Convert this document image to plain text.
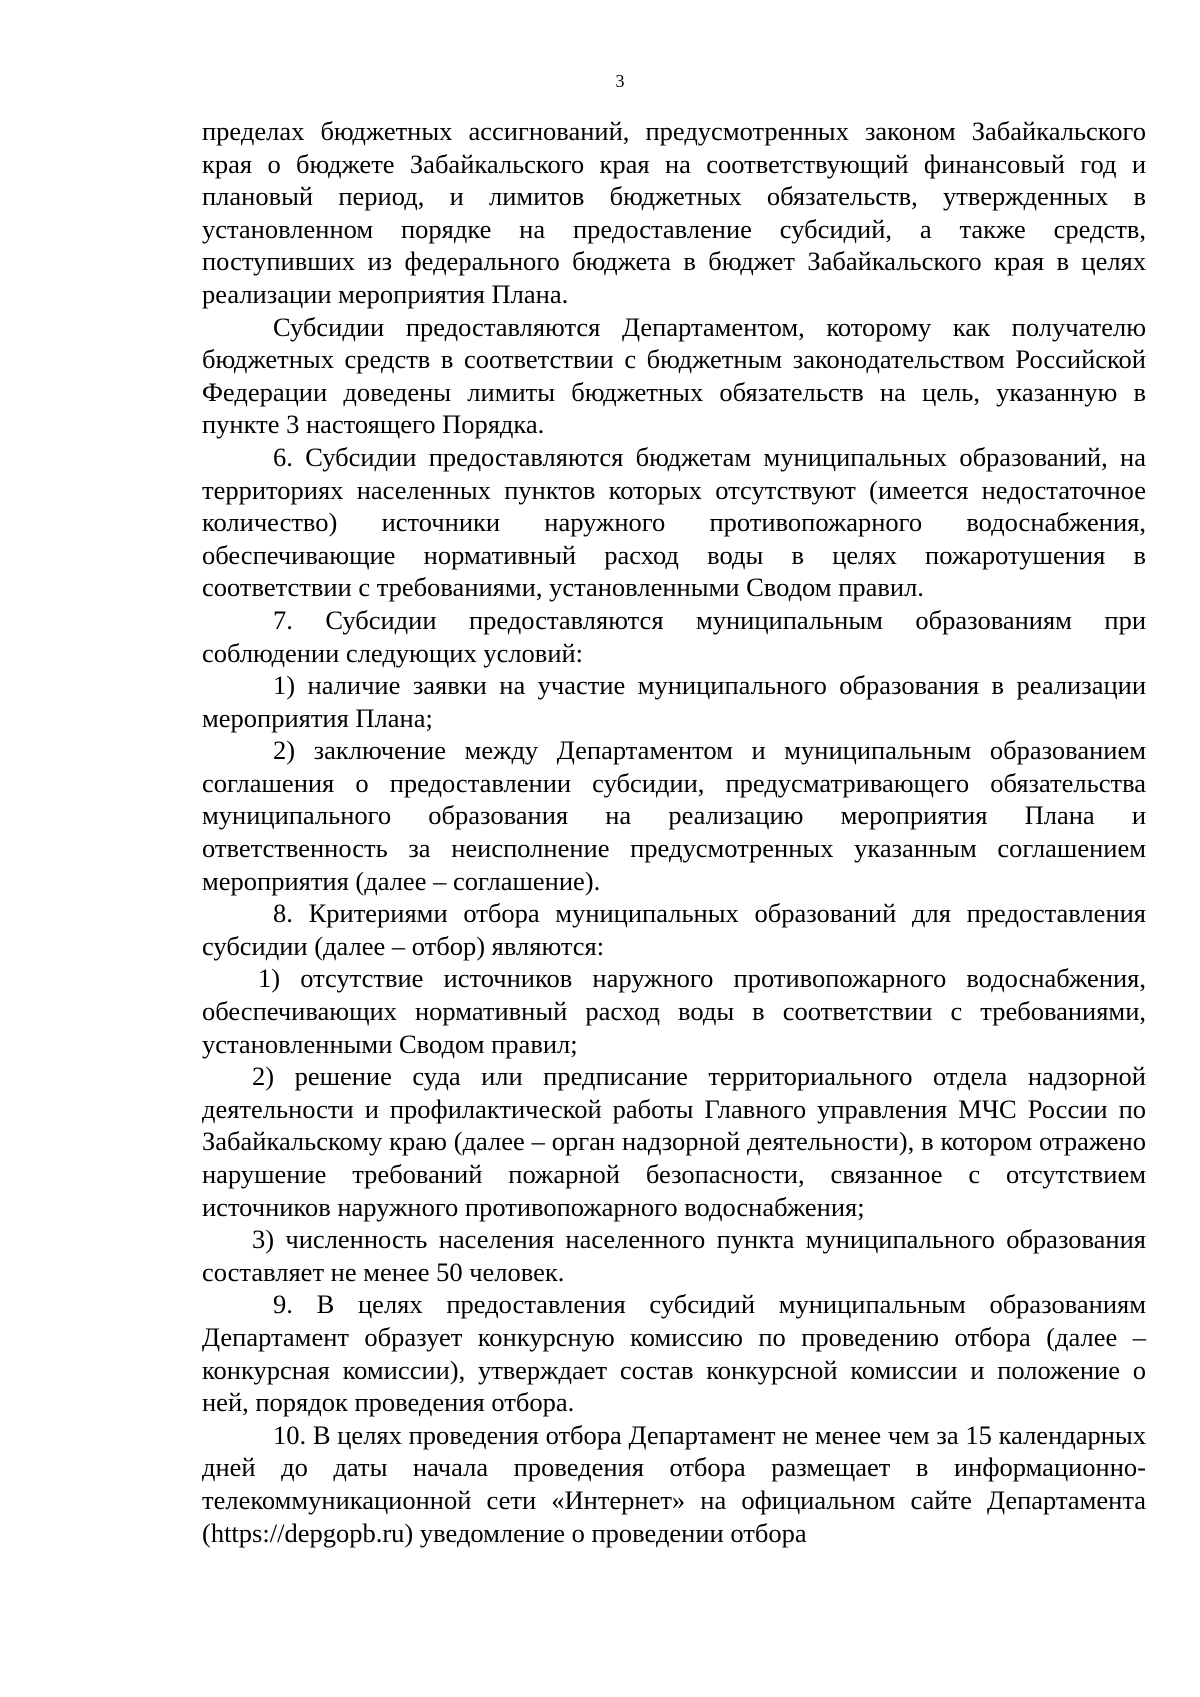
3

пределах бюджетных ассигнований, предусмотренных законом Забайкальского края о бюджете Забайкальского края на соответствующий финансовый год и плановый период, и лимитов бюджетных обязательств, утвержденных в установленном порядке на предоставление субсидий, а также средств, поступивших из федерального бюджета в бюджет Забайкальского края в целях реализации мероприятия Плана.

Субсидии предоставляются Департаментом, которому как получателю бюджетных средств в соответствии с бюджетным законодательством Российской Федерации доведены лимиты бюджетных обязательств на цель, указанную в пункте 3 настоящего Порядка.

6. Субсидии предоставляются бюджетам муниципальных образований, на территориях населенных пунктов которых отсутствуют (имеется недостаточное количество) источники наружного противопожарного водоснабжения, обеспечивающие нормативный расход воды в целях пожаротушения в соответствии с требованиями, установленными Сводом правил.

7. Субсидии предоставляются муниципальным образованиям при соблюдении следующих условий:

1) наличие заявки на участие муниципального образования в реализации мероприятия Плана;

2) заключение между Департаментом и муниципальным образованием соглашения о предоставлении субсидии, предусматривающего обязательства муниципального образования на реализацию мероприятия Плана и ответственность за неисполнение предусмотренных указанным соглашением мероприятия (далее – соглашение).

8. Критериями отбора муниципальных образований для предоставления субсидии (далее – отбор) являются:

1) отсутствие источников наружного противопожарного водоснабжения, обеспечивающих нормативный расход воды в соответствии с требованиями, установленными Сводом правил;

2) решение суда или предписание территориального отдела надзорной деятельности и профилактической работы Главного управления МЧС России по Забайкальскому краю (далее – орган надзорной деятельности), в котором отражено нарушение требований пожарной безопасности, связанное с отсутствием источников наружного противопожарного водоснабжения;

3) численность населения населенного пункта муниципального образования составляет не менее 50 человек.

9. В целях предоставления субсидий муниципальным образованиям Департамент образует конкурсную комиссию по проведению отбора (далее – конкурсная комиссии), утверждает состав конкурсной комиссии и положение о ней, порядок проведения отбора.

10. В целях проведения отбора Департамент не менее чем за 15 календарных дней до даты начала проведения отбора размещает в информационно-телекоммуникационной сети «Интернет» на официальном сайте Департамента (https://depgopb.ru) уведомление о проведении отбора
